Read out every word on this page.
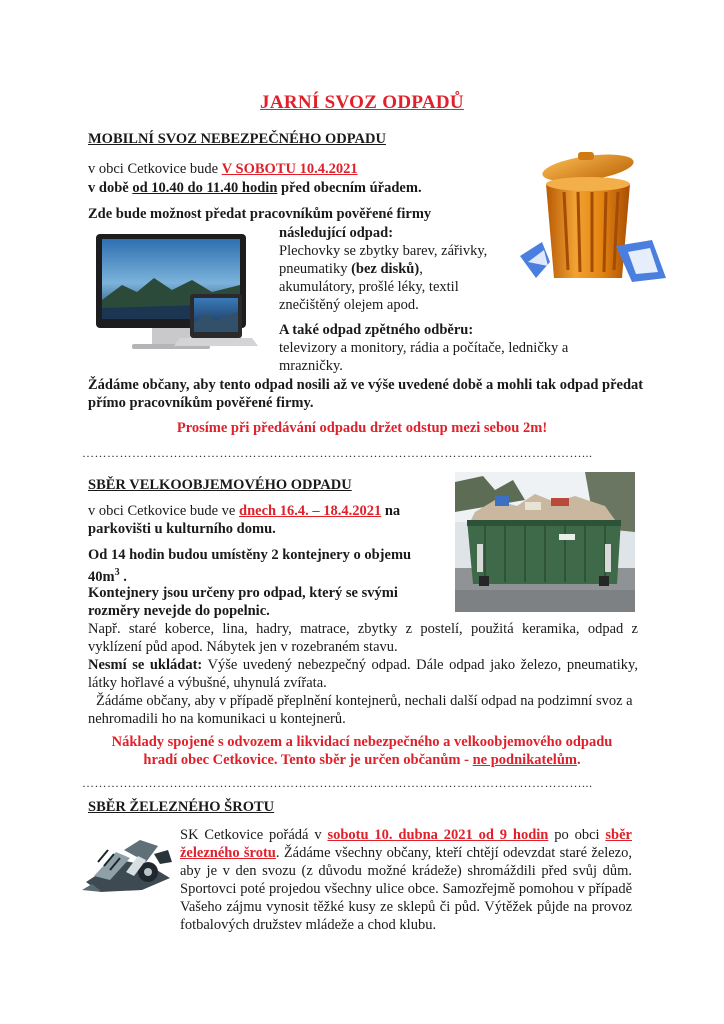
JARNÍ SVOZ ODPADŮ
MOBILNÍ SVOZ NEBEZPEČNÉHO ODPADU
v obci Cetkovice bude V SOBOTU 10.4.2021
v době od 10.40 do 11.40 hodin před obecním úřadem.
Zde bude možnost předat pracovníkům pověřené firmy
následující odpad:
Plechovky se zbytky barev, zářivky,
pneumatiky (bez disků),
akumulátory, prošlé léky, textil
znečištěný olejem apod.
A také odpad zpětného odběru:
televizory a monitory, rádia a počítače, ledničky a
mrazničky.
Žádáme občany, aby tento odpad nosili až ve výše uvedené době a mohli tak odpad předat přímo pracovníkům pověřené firmy.
Prosíme při předávání odpadu držet odstup mezi sebou 2m!
…………………………………………………………………………………………………………...
SBĚR VELKOOBJEMOVÉHO ODPADU
v obci Cetkovice bude ve dnech 16.4. – 18.4.2021 na
parkovišti u kulturního domu.
Od 14 hodin budou umístěny 2 kontejnery o objemu
$40m^3$ .
Kontejnery jsou určeny pro odpad, který se svými rozměry nevejde do popelnic.
Např. staré koberce, lina, hadry, matrace, zbytky z postelí, použitá keramika, odpad z vyklízení půd apod. Nábytek jen v rozebraném stavu.
Nesmí se ukládat: Výše uvedený nebezpečný odpad. Dále odpad jako železo, pneumatiky, látky hořlavé a výbušné, uhynulá zvířata.
Žádáme občany, aby v případě přeplnění kontejnerů, nechali další odpad na podzimní svoz a nehromadili ho na komunikaci u kontejnerů.
Náklady spojené s odvozem a likvidací nebezpečného a velkoobjemového odpadu
hradí obec Cetkovice. Tento sběr je určen občanům - ne podnikatelům.
…………………………………………………………………………………………………………...
SBĚR ŽELEZNÉHO ŠROTU
SK Cetkovice pořádá v sobotu 10. dubna 2021 od 9 hodin po obci sběr železného šrotu. Žádáme všechny občany, kteří chtějí odevzdat staré železo, aby je v den svozu (z důvodu možné krádeže) shromáždili před svůj dům. Sportovci poté projedou všechny ulice obce. Samozřejmě pomohou v případě Vašeho zájmu vynosit těžké kusy ze sklepů či půd. Výtěžek půjde na provoz fotbalových družstev mládeže a chod klubu.
